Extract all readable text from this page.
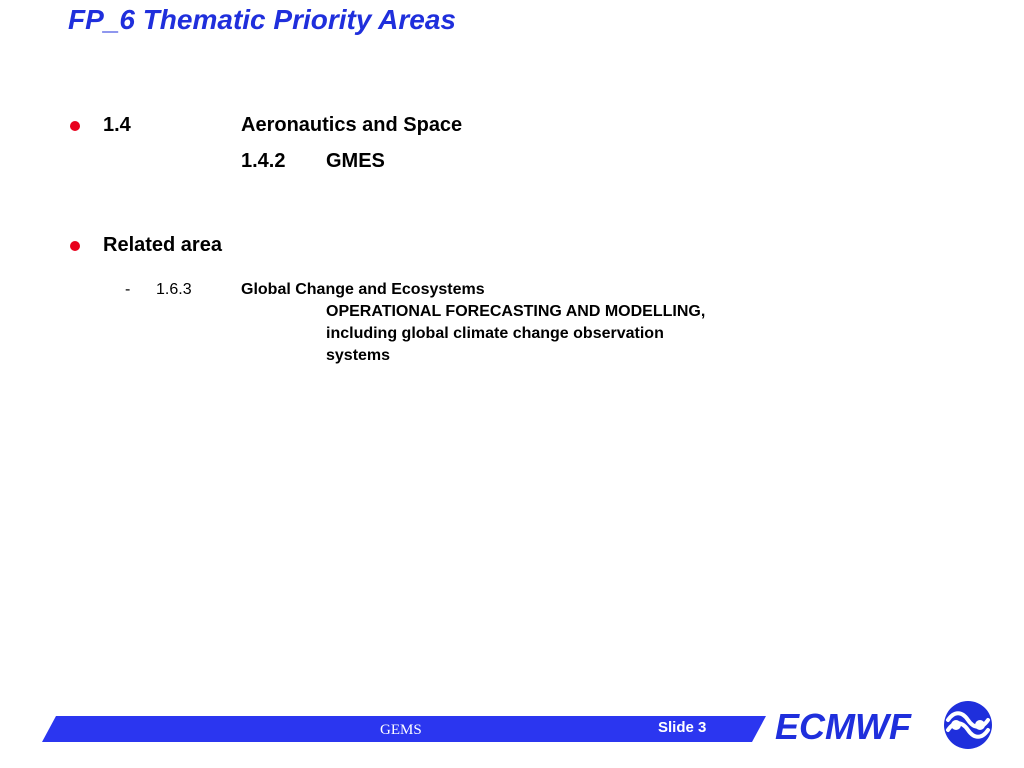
FP_6 Thematic Priority Areas
1.4	Aeronautics and Space
1.4.2 GMES
Related area
- 1.6.3	Global Change and Ecosystems
OPERATIONAL FORECASTING AND MODELLING,
including global climate change observation
systems
GEMS	Slide 3 ECMWF
